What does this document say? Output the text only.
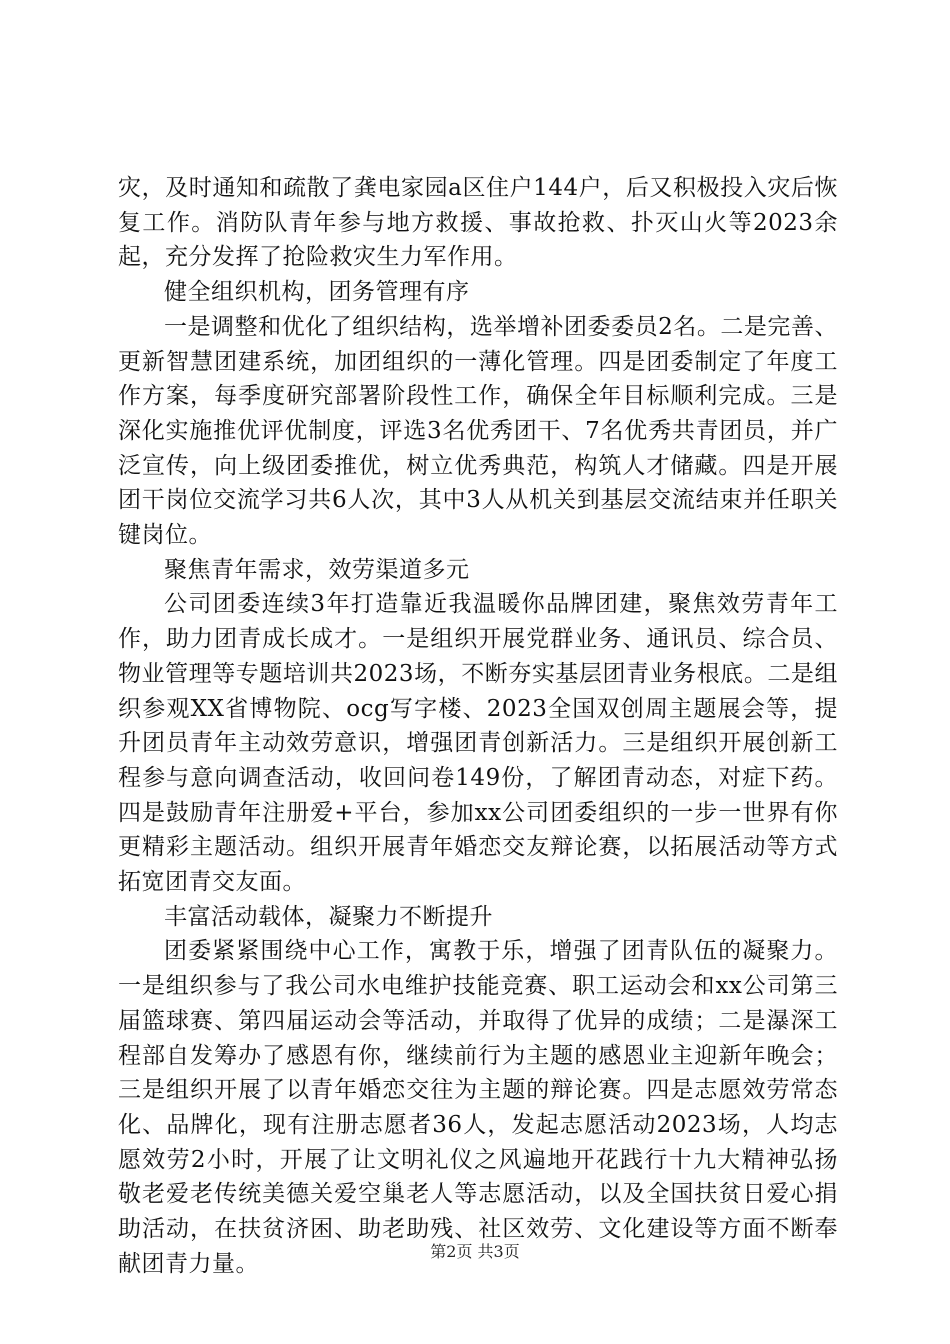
灾，及时通知和疏散了龚电家园a区住户144户，后又积极投入灾后恢复工作。消防队青年参与地方救援、事故抢救、扑灭山火等2023余起，充分发挥了抢险救灾生力军作用。

健全组织机构，团务管理有序

一是调整和优化了组织结构，选举增补团委委员2名。二是完善、更新智慧团建系统，加团组织的一薄化管理。四是团委制定了年度工作方案，每季度研究部署阶段性工作，确保全年目标顺利完成。三是深化实施推优评优制度，评选3名优秀团干、7名优秀共青团员，并广泛宣传，向上级团委推优，树立优秀典范，构筑人才储藏。四是开展团干岗位交流学习共6人次，其中3人从机关到基层交流结束并任职关键岗位。

聚焦青年需求，效劳渠道多元

公司团委连续3年打造靠近我温暖你品牌团建，聚焦效劳青年工作，助力团青成长成才。一是组织开展党群业务、通讯员、综合员、物业管理等专题培训共2023场，不断夯实基层团青业务根底。二是组织参观XX省博物院、ocg写字楼、2023全国双创周主题展会等，提升团员青年主动效劳意识，增强团青创新活力。三是组织开展创新工程参与意向调查活动，收回问卷149份，了解团青动态，对症下药。四是鼓励青年注册爱+平台，参加xx公司团委组织的一步一世界有你更精彩主题活动。组织开展青年婚恋交友辩论赛，以拓展活动等方式拓宽团青交友面。

丰富活动载体，凝聚力不断提升

团委紧紧围绕中心工作，寓教于乐，增强了团青队伍的凝聚力。一是组织参与了我公司水电维护技能竞赛、职工运动会和xx公司第三届篮球赛、第四届运动会等活动，并取得了优异的成绩；二是瀑深工程部自发筹办了感恩有你，继续前行为主题的感恩业主迎新年晚会；三是组织开展了以青年婚恋交往为主题的辩论赛。四是志愿效劳常态化、品牌化，现有注册志愿者36人，发起志愿活动2023场，人均志愿效劳2小时，开展了让文明礼仪之风遍地开花践行十九大精神弘扬敬老爱老传统美德关爱空巢老人等志愿活动，以及全国扶贫日爱心捐助活动，在扶贫济困、助老助残、社区效劳、文化建设等方面不断奉献团青力量。	第2页 共3页
